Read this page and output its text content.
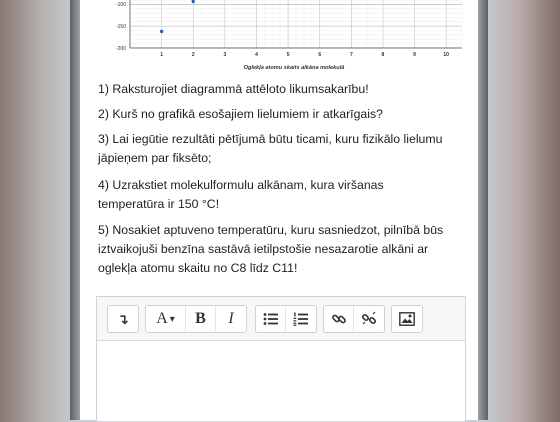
-100
-150
-200
1	2	3	4	5	6	7	8	9	10
Oglekļa atomu skaits alkāna molekulā
1) Raksturojiet diagrammā attēloto likumsakarību!
2) Kurš no grafikā esošajiem lielumiem ir atkarīgais?
3) Lai iegūtie rezultāti pētījumā būtu ticami, kuru fizikālo lielumu
jāpieņem par fiksēto;
4) Uzrakstiet molekulformulu alkānam, kura viršanas
temperatūra ir 150 °C!
5) Nosakiet aptuveno temperatūru, kuru sasniedzot, pilnībā būs
iztvaikojuši benzīna sastāvā ietilpstošie nesazarotie alkāni ar
oglekļa atomu skaitu no C8 līdz C11!
↴ A ▾ B I
